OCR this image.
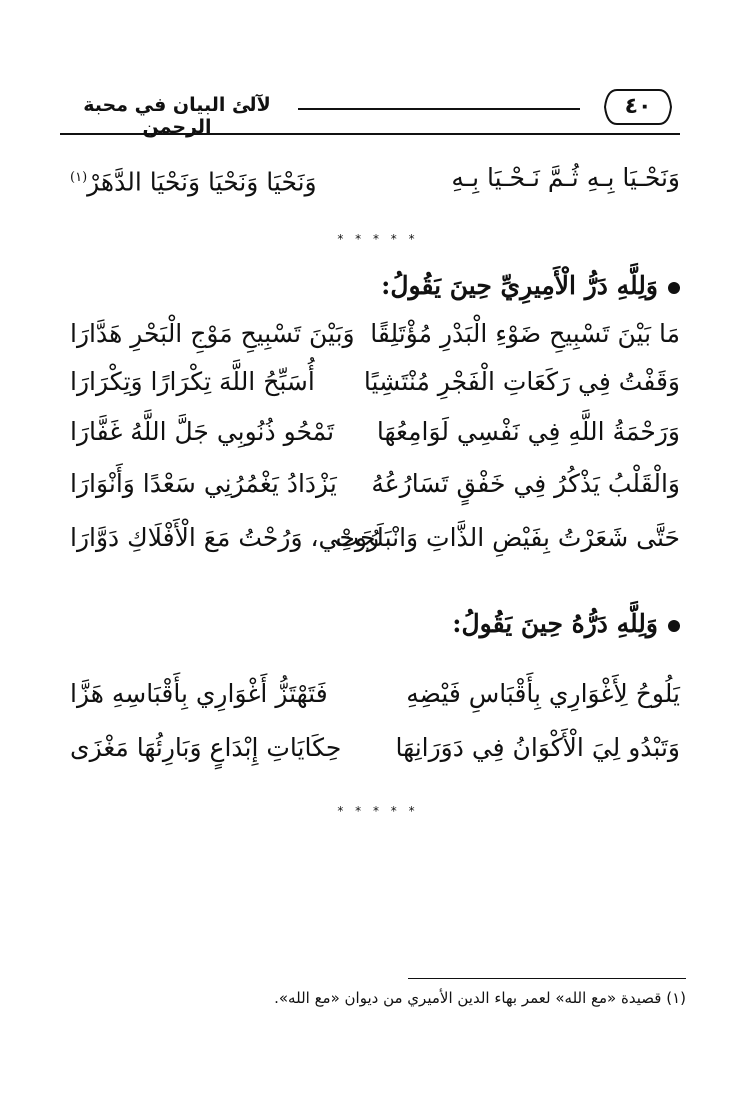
لآلئ البيان في محبة الرحمن
٤٠
وَنَحْـيَا بِـهِ ثُـمَّ نَـحْـيَا بِـهِ
وَنَحْيَا وَنَحْيَا وَنَحْيَا الدَّهَرْ$^{(١)}$
* * * * *
وَلِلَّهِ دَرُّ الْأَمِيرِيِّ حِينَ يَقُولُ:
مَا بَيْنَ تَسْبِيحِ ضَوْءِ الْبَدْرِ مُؤْتَلِقًا
وَبَيْنَ تَسْبِيحِ مَوْجِ الْبَحْرِ هَدَّارَا
وَقَفْتُ فِي رَكَعَاتِ الْفَجْرِ مُنْتَشِيًا
أُسَبِّحُ اللَّهَ تِكْرَارًا وَتِكْرَارَا
وَرَحْمَةُ اللَّهِ فِي نَفْسِي لَوَامِعُهَا
تَمْحُو ذُنُوبِي جَلَّ اللَّهُ غَفَّارَا
وَالْقَلْبُ يَذْكُرُ فِي خَفْقٍ تَسَارُعُهُ
يَزْدَادُ يَغْمُرُنِي سَعْدًا وَأَنْوَارَا
حَتَّى شَعَرْتُ بِفَيْضِ الذَّاتِ وَانْبَلَجَتْ
رُوحِي، وَرُحْتُ مَعَ الْأَفْلَاكِ دَوَّارَا
وَلِلَّهِ دَرُّهُ حِينَ يَقُولُ:
يَلُوحُ لِأَغْوَارِي بِأَقْبَاسِ فَيْضِهِ
فَتَهْتَزُّ أَغْوَارِي بِأَقْبَاسِهِ هَزَّا
وَتَبْدُو لِيَ الْأَكْوَانُ فِي دَوَرَانِهَا
حِكَايَاتِ إِبْدَاعٍ وَبَارِئُهَا مَغْزَى
* * * * *
(١) قصيدة «مع الله» لعمر بهاء الدين الأميري من ديوان «مع الله».
